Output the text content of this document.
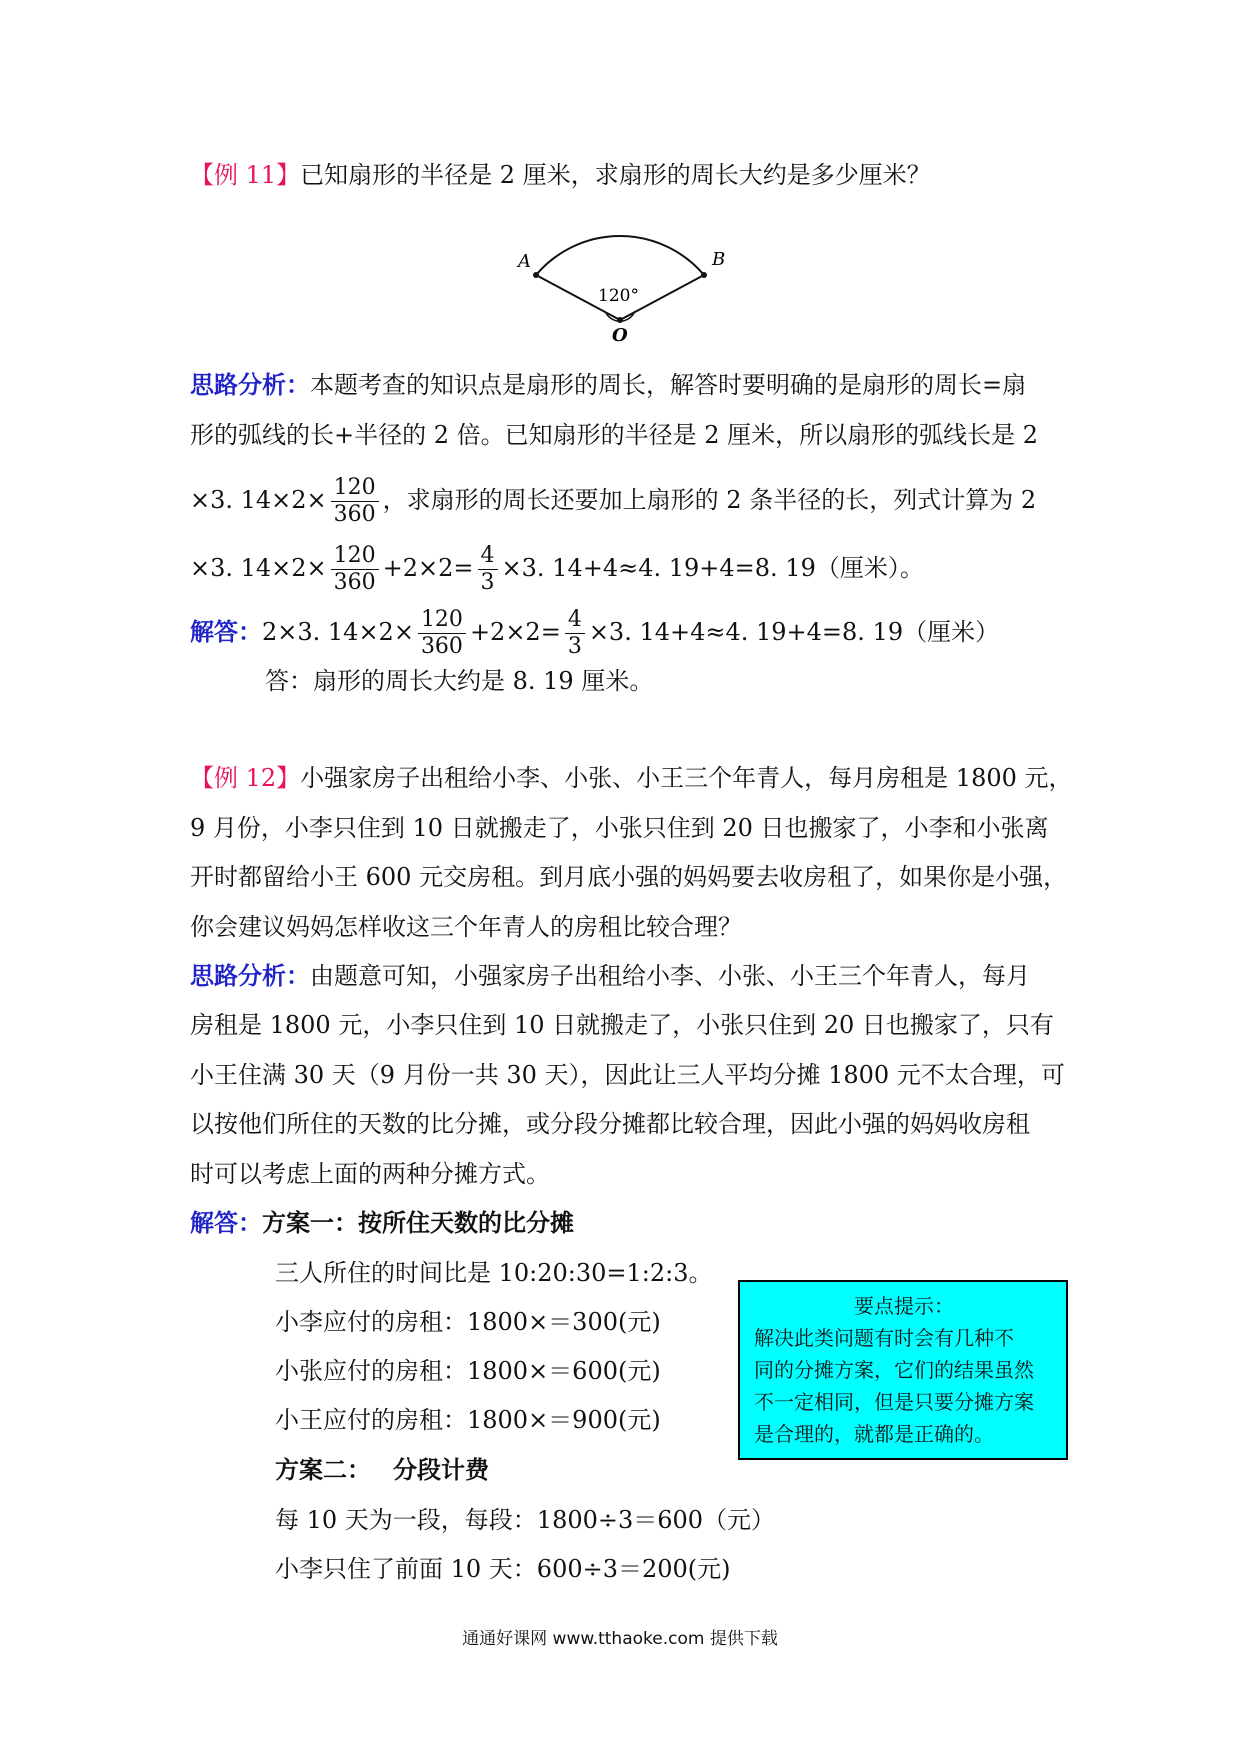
【例 11】已知扇形的半径是 2 厘米，求扇形的周长大约是多少厘米？
A	B
O
120°
思路分析：本题考查的知识点是扇形的周长，解答时要明确的是扇形的周长=扇
形的弧线的长+半径的 2 倍。已知扇形的半径是 2 厘米，所以扇形的弧线长是 2
×3. $14\times 2\times \frac{120}{360}$ ，求扇形的周长还要加上扇形的 2 条半径的长，列式计算为 2
×3. $14\times 2\times \frac{120}{360} +2\times 2= \frac{4}{3} \times 3$. 14+4≈4. 19+4=8. 19（厘米）。
解答：2×3. $14\times 2\times \frac{120}{360} +2\times 2= \frac{4}{3} \times 3$. 14+4≈4. 19+4=8. 19（厘米）
答：扇形的周长大约是 8. 19 厘米。
【例 12】小强家房子出租给小李、小张、小王三个年青人，每月房租是 1800 元，
9 月份，小李只住到 10 日就搬走了，小张只住到 20 日也搬家了，小李和小张离
开时都留给小王 600 元交房租。到月底小强的妈妈要去收房租了，如果你是小强，
你会建议妈妈怎样收这三个年青人的房租比较合理？
思路分析：由题意可知，小强家房子出租给小李、小张、小王三个年青人，每月
房租是 1800 元，小李只住到 10 日就搬走了，小张只住到 20 日也搬家了，只有
小王住满 30 天（9 月份一共 30 天），因此让三人平均分摊 1800 元不太合理，可
以按他们所住的天数的比分摊，或分段分摊都比较合理，因此小强的妈妈收房租
时可以考虑上面的两种分摊方式。
解答：方案一：按所住天数的比分摊
三人所住的时间比是 10:20:30=1:2:3。
小李应付的房租：1800×＝300(元)
小张应付的房租：1800×＝600(元)
小王应付的房租：1800×＝900(元)
方案二： 分段计费
每 10 天为一段，每段：1800÷3＝600（元）
小李只住了前面 10 天：600÷3＝200(元)
要点提示：
解决此类问题有时会有几种不
同的分摊方案，它们的结果虽然
不一定相同，但是只要分摊方案
是合理的，就都是正确的。
通通好课网 www.tthaoke.com 提供下载
